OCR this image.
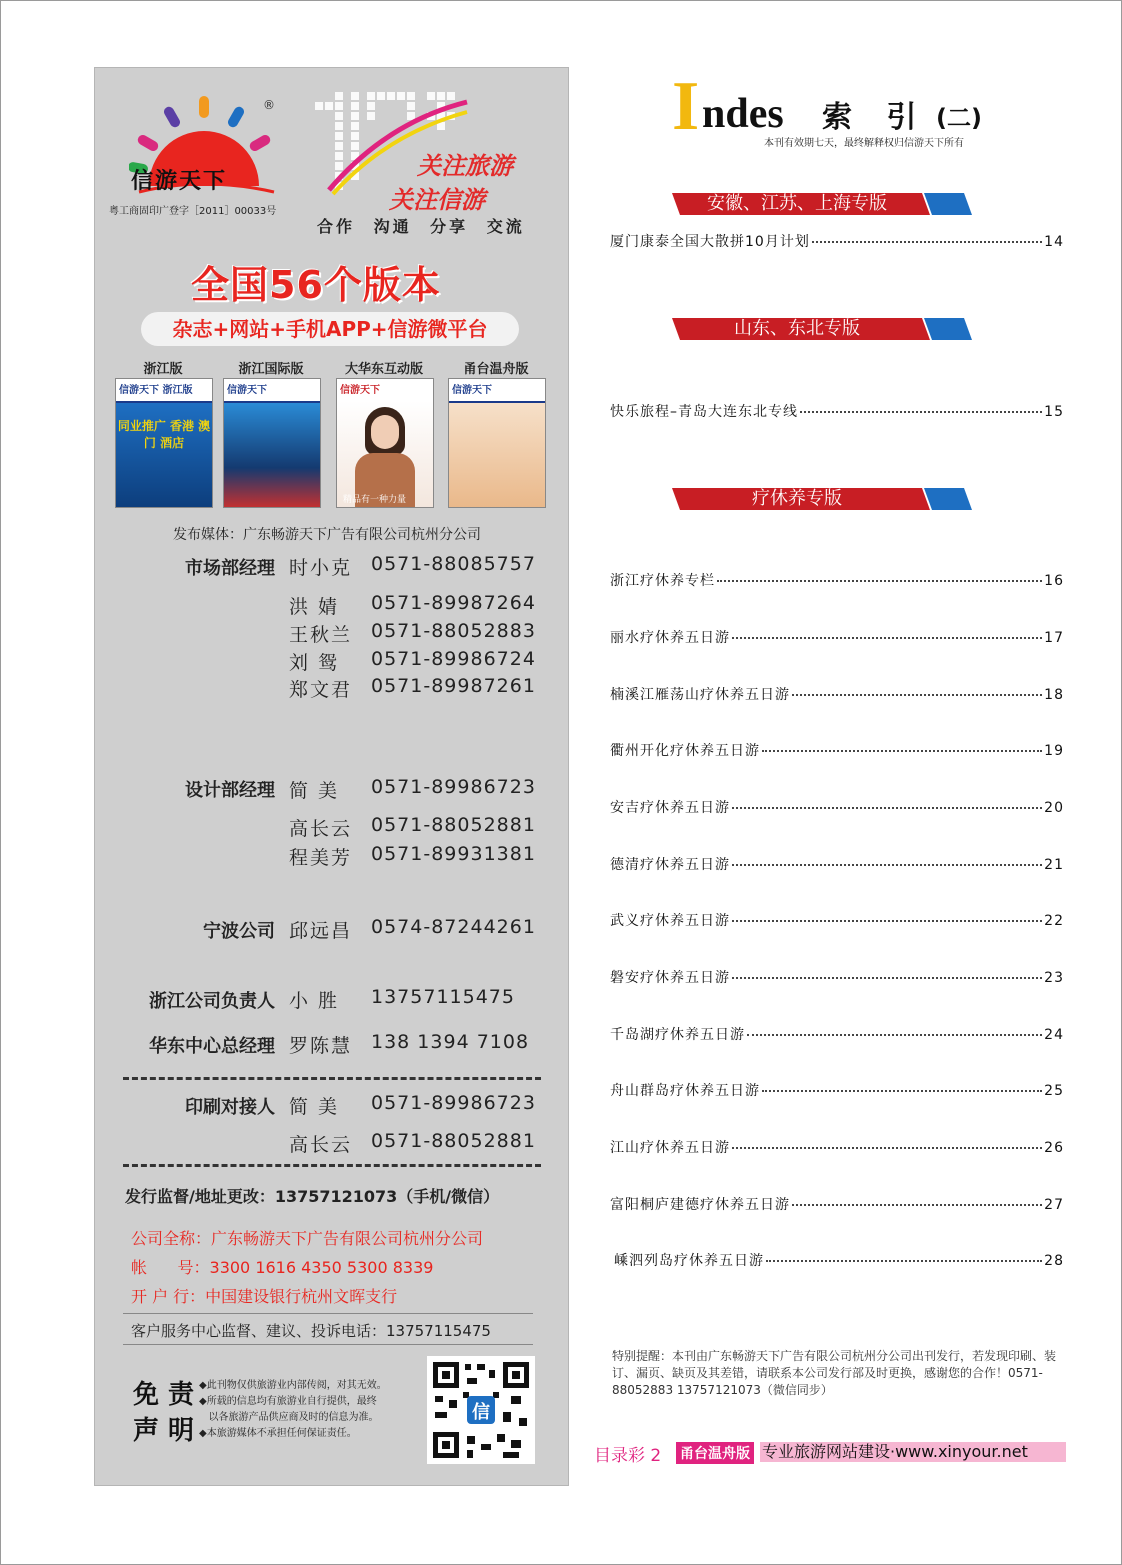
®
信游天下
粤工商固印广登字［2011］00033号
关注旅游
关注信游
合作 沟通 分享 交流
全国56个版本
杂志+网站+手机APP+信游微平台
浙江版	浙江国际版	大华东互动版	甬台温舟版
信游天下 浙江版
同业推广 香港 澳门 酒店
信游天下	信游天下
精品有一种力量
信游天下
发布媒体：广东畅游天下广告有限公司杭州分公司
市场部经理 时小克 0571-88085757
洪 婧	0571-89987264
王秋兰 0571-88052883
刘 鸳	0571-89986724
郑文君 0571-89987261
设计部经理 简 美	0571-89986723
高长云 0571-88052881
程美芳 0571-89931381
宁波公司 邱远昌 0574-87244261
浙江公司负责人 小 胜	13757115475
华东中心总经理 罗陈慧 138 1394 7108
印刷对接人 简 美	0571-89986723
高长云 0571-88052881
发行监督/地址更改：13757121073（手机/微信）
公司全称：广东畅游天下广告有限公司杭州分公司
帐      号：3300 1616 4350 5300 8339
开 户 行：中国建设银行杭州文晖支行
客户服务中心监督、建议、投诉电话：13757115475
免 责
声 明
◆此刊物仅供旅游业内部传阅，对其无效。
◆所载的信息均有旅游业自行提供，最终
以各旅游产品供应商及时的信息为准。
◆本旅游媒体不承担任何保证责任。
信
I ndes 索 引 (二)
本刊有效期七天，最终解释权归信游天下所有
安徽、江苏、上海专版
厦门康泰全国大散拼10月计划	14
山东、东北专版
快乐旅程–青岛大连东北专线	15
疗休养专版
浙江疗休养专栏	16
丽水疗休养五日游	17
楠溪江雁荡山疗休养五日游	18
衢州开化疗休养五日游	19
安吉疗休养五日游	20
德清疗休养五日游	21
武义疗休养五日游	22
磐安疗休养五日游	23
千岛湖疗休养五日游	24
舟山群岛疗休养五日游	25
江山疗休养五日游	26
富阳桐庐建德疗休养五日游	27
嵊泗列岛疗休养五日游	28
特别提醒：本刊由广东畅游天下广告有限公司杭州分公司出刊发行，若发现印刷、装订、漏页、缺页及其差错，请联系本公司发行部及时更换，感谢您的合作！0571-88052883 13757121073（微信同步）
目录彩 2	专业旅游网站建设·www.xinyour.net
甬台温舟版
